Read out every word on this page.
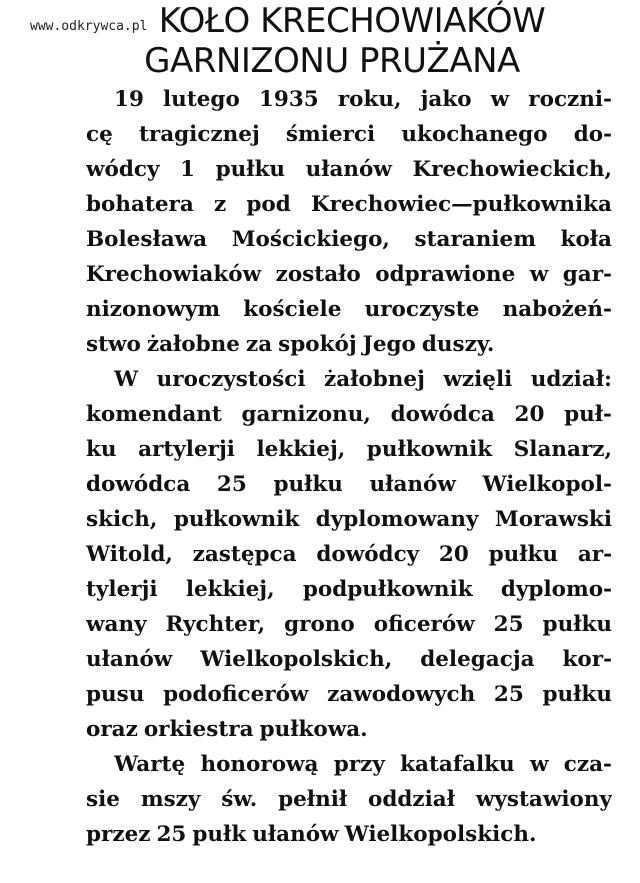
www.odkrywca.pl KOŁO KRECHOWIAKÓW
GARNIZONU PRUŻANA
19 lutego 1935 roku, jako w roczni-
cę tragicznej śmierci ukochanego do-
wódcy 1 pułku ułanów Krechowieckich,
bohatera z pod Krechowiec—pułkownika
Bolesława Mościckiego, staraniem koła
Krechowiaków zostało odprawione w gar-
nizonowym kościele uroczyste nabożeń-
stwo żałobne za spokój Jego duszy.
W uroczystości żałobnej wzięli udział:
komendant garnizonu, dowódca 20 puł-
ku artylerji lekkiej, pułkownik Slanarz,
dowódca 25 pułku ułanów Wielkopol-
skich, pułkownik dyplomowany Morawski
Witold, zastępca dowódcy 20 pułku ar-
tylerji lekkiej, podpułkownik dyplomo-
wany Rychter, grono oficerów 25 pułku
ułanów Wielkopolskich, delegacja kor-
pusu podoficerów zawodowych 25 pułku
oraz orkiestra pułkowa.
Wartę honorową przy katafalku w cza-
sie mszy św. pełnił oddział wystawiony
przez 25 pułk ułanów Wielkopolskich.
